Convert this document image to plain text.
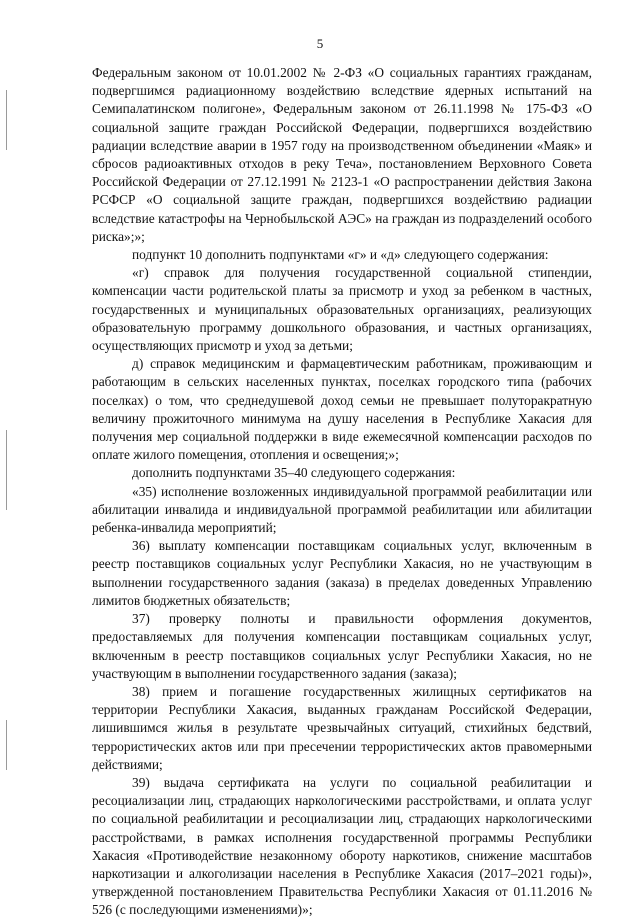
5

Федеральным законом от 10.01.2002 № 2-ФЗ «О социальных гарантиях гражданам, подвергшимся радиационному воздействию вследствие ядерных испытаний на Семипалатинском полигоне», Федеральным законом от 26.11.1998 № 175-ФЗ «О социальной защите граждан Российской Федерации, подвергшихся воздействию радиации вследствие аварии в 1957 году на производственном объединении «Маяк» и сбросов радиоактивных отходов в реку Теча», постановлением Верховного Совета Российской Федерации от 27.12.1991 № 2123-1 «О распространении действия Закона РСФСР «О социальной защите граждан, подвергшихся воздействию радиации вследствие катастрофы на Чернобыльской АЭС» на граждан из подразделений особого риска»;»;

подпункт 10 дополнить подпунктами «г» и «д» следующего содержания:

«г) справок для получения государственной социальной стипендии, компенсации части родительской платы за присмотр и уход за ребенком в частных, государственных и муниципальных образовательных организациях, реализующих образовательную программу дошкольного образования, и частных организациях, осуществляющих присмотр и уход за детьми;

д) справок медицинским и фармацевтическим работникам, проживающим и работающим в сельских населенных пунктах, поселках городского типа (рабочих поселках) о том, что среднедушевой доход семьи не превышает полуторакратную величину прожиточного минимума на душу населения в Республике Хакасия для получения мер социальной поддержки в виде ежемесячной компенсации расходов по оплате жилого помещения, отопления и освещения;»;

дополнить подпунктами 35–40 следующего содержания:

«35) исполнение возложенных индивидуальной программой реабилитации или абилитации инвалида и индивидуальной программой реабилитации или абилитации ребенка-инвалида мероприятий;

36) выплату компенсации поставщикам социальных услуг, включенным в реестр поставщиков социальных услуг Республики Хакасия, но не участвующим в выполнении государственного задания (заказа) в пределах доведенных Управлению лимитов бюджетных обязательств;

37) проверку полноты и правильности оформления документов, предоставляемых для получения компенсации поставщикам социальных услуг, включенным в реестр поставщиков социальных услуг Республики Хакасия, но не участвующим в выполнении государственного задания (заказа);

38) прием и погашение государственных жилищных сертификатов на территории Республики Хакасия, выданных гражданам Российской Федерации, лишившимся жилья в результате чрезвычайных ситуаций, стихийных бедствий, террористических актов или при пресечении террористических актов правомерными действиями;

39) выдача сертификата на услуги по социальной реабилитации и ресоциализации лиц, страдающих наркологическими расстройствами, и оплата услуг по социальной реабилитации и ресоциализации лиц, страдающих наркологическими расстройствами, в рамках исполнения государственной программы Республики Хакасия «Противодействие незаконному обороту наркотиков, снижение масштабов наркотизации и алкоголизации населения в Республике Хакасия (2017–2021 годы)», утвержденной постановлением Правительства Республики Хакасия от 01.11.2016 № 526 (с последующими изменениями)»;
